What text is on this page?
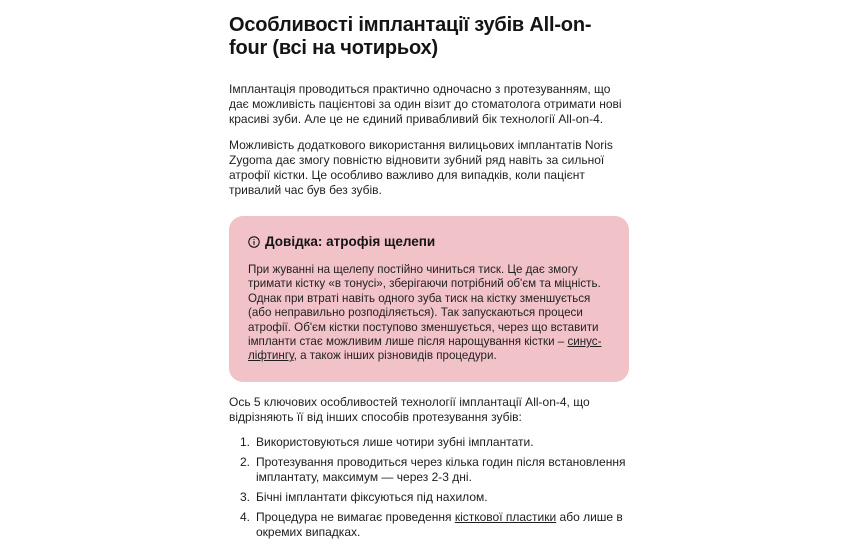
Особливості імплантації зубів All-on-four (всі на чотирьох)

Імплантація проводиться практично одночасно з протезуванням, що дає можливість пацієнтові за один візит до стоматолога отримати нові красиві зуби. Але це не єдиний привабливий бік технології All-on-4.

Можливість додаткового використання вилицьових імплантатів Noris Zygoma дає змогу повністю відновити зубний ряд навіть за сильної атрофії кістки. Це особливо важливо для випадків, коли пацієнт тривалий час був без зубів.

Довідка: атрофія щелепи

При жуванні на щелепу постійно чиниться тиск. Це дає змогу тримати кістку «в тонусі», зберігаючи потрібний об'єм та міцність. Однак при втраті навіть одного зуба тиск на кістку зменшується (або неправильно розподіляється). Так запускаються процеси атрофії. Об'єм кістки поступово зменшується, через що вставити імпланти стає можливим лише після нарощування кістки – синус-ліфтингу, а також інших різновидів процедури.

Ось 5 ключових особливостей технології імплантації All-on-4, що відрізняють її від інших способів протезування зубів:

1. Використовуються лише чотири зубні імплантати.
2. Протезування проводиться через кілька годин після встановлення імплантату, максимум — через 2-3 дні.
3. Бічні імплантати фіксуються під нахилом.
4. Процедура не вимагає проведення кісткової пластики або лише в окремих випадках.
